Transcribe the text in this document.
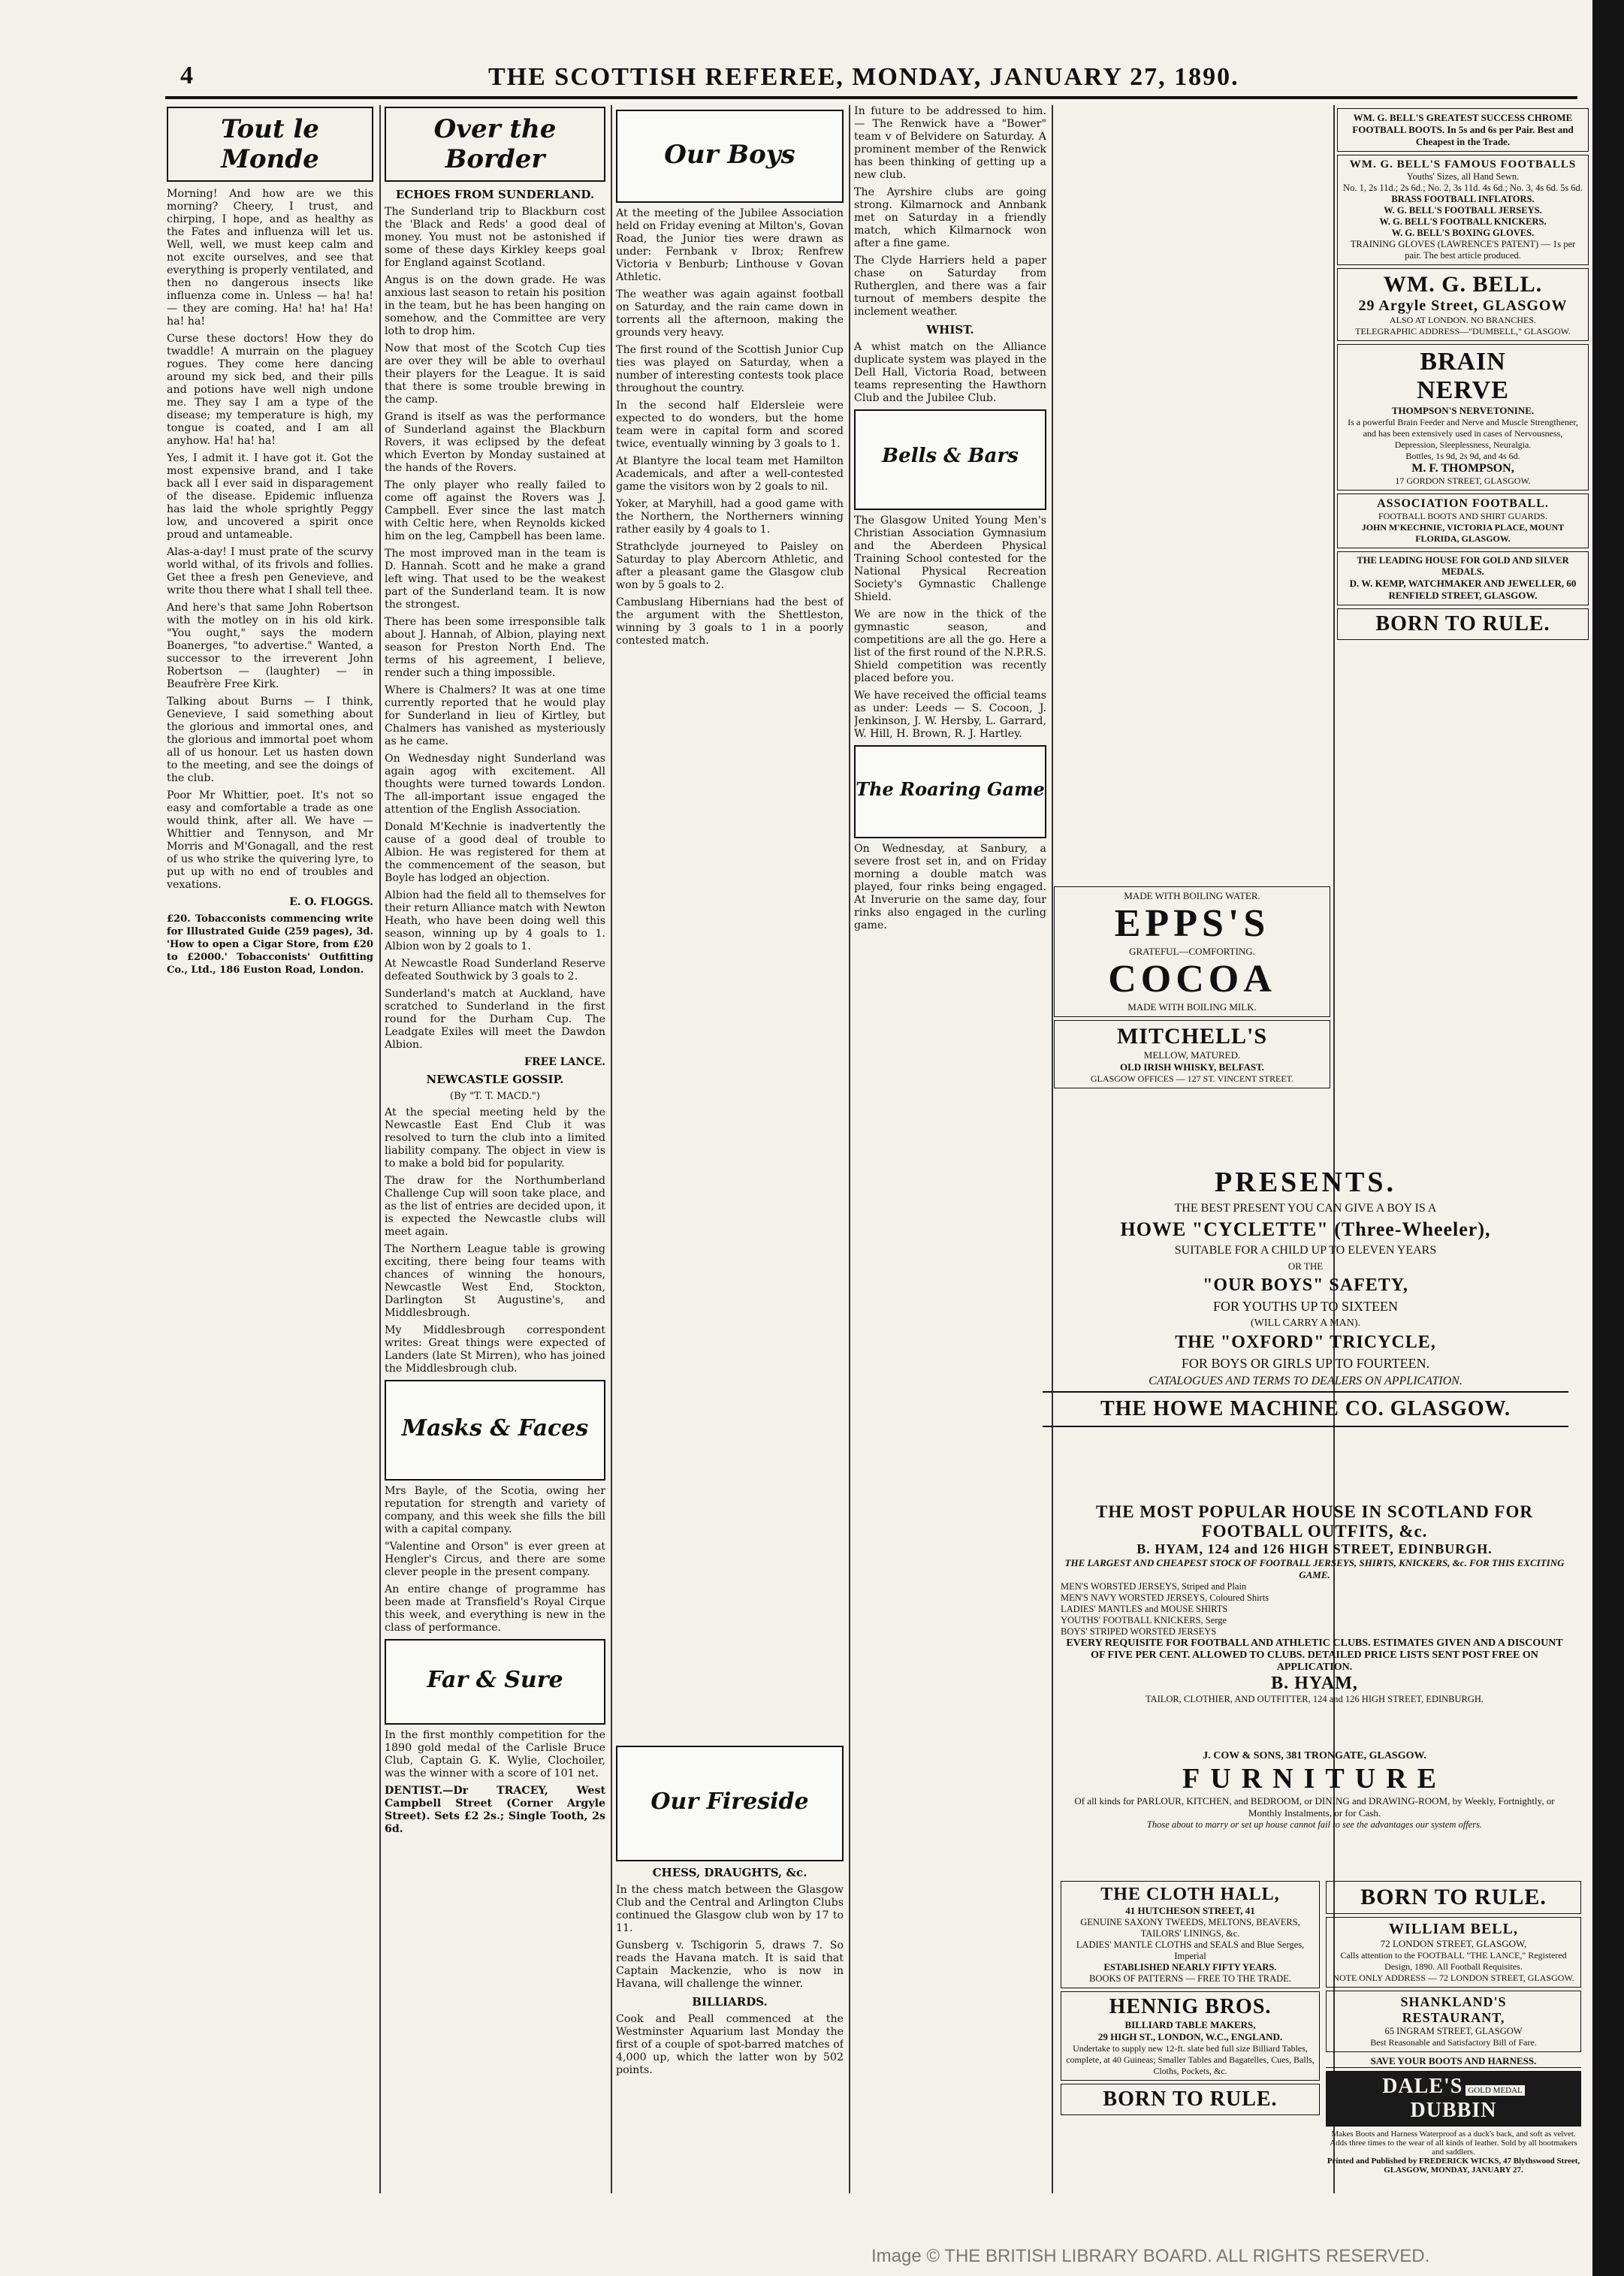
4	THE SCOTTISH REFEREE, MONDAY, JANUARY 27, 1890.
Tout le Monde

Morning! And how are we this morning? Cheery, I trust, and chirping, I hope, and as healthy as the Fates and influenza will let us. Well, well, we must keep calm and not excite ourselves, and see that everything is properly ventilated, and then no dangerous insects like influenza come in. Unless — ha! ha! — they are coming. Ha! ha! ha! Ha! ha! ha!

Curse these doctors! How they do twaddle! A murrain on the plaguey rogues. They come here dancing around my sick bed, and their pills and potions have well nigh undone me. They say I am a type of the disease; my temperature is high, my tongue is coated, and I am all anyhow. Ha! ha! ha!

Yes, I admit it. I have got it. Got the most expensive brand, and I take back all I ever said in disparagement of the disease. Epidemic influenza has laid the whole sprightly Peggy low, and uncovered a spirit once proud and untameable.

Alas-a-day! I must prate of the scurvy world withal, of its frivols and follies. Get thee a fresh pen Genevieve, and write thou there what I shall tell thee.

And here's that same John Robertson with the motley on in his old kirk. "You ought," says the modern Boanerges, "to advertise." Wanted, a successor to the irreverent John Robertson — (laughter) — in Beaufrère Free Kirk.

Talking about Burns — I think, Genevieve, I said something about the glorious and immortal ones, and the glorious and immortal poet whom all of us honour. Let us hasten down to the meeting, and see the doings of the club.

Poor Mr Whittier, poet. It's not so easy and comfortable a trade as one would think, after all. We have — Whittier and Tennyson, and Mr Morris and M'Gonagall, and the rest of us who strike the quivering lyre, to put up with no end of troubles and vexations.

E. O. FLOGGS.

£20. Tobacconists commencing write for Illustrated Guide (259 pages), 3d. 'How to open a Cigar Store, from £20 to £2000.' Tobacconists' Outfitting Co., Ltd., 186 Euston Road, London.

Over the Border
ECHOES FROM SUNDERLAND.

The Sunderland trip to Blackburn cost the 'Black and Reds' a good deal of money. You must not be astonished if some of these days Kirkley keeps goal for England against Scotland.

Angus is on the down grade. He was anxious last season to retain his position in the team, but he has been hanging on somehow, and the Committee are very loth to drop him.

Now that most of the Scotch Cup ties are over they will be able to overhaul their players for the League. It is said that there is some trouble brewing in the camp.

Grand is itself as was the performance of Sunderland against the Blackburn Rovers, it was eclipsed by the defeat which Everton by Monday sustained at the hands of the Rovers.

The only player who really failed to come off against the Rovers was J. Campbell. Ever since the last match with Celtic here, when Reynolds kicked him on the leg, Campbell has been lame.

The most improved man in the team is D. Hannah. Scott and he make a grand left wing. That used to be the weakest part of the Sunderland team. It is now the strongest.

There has been some irresponsible talk about J. Hannah, of Albion, playing next season for Preston North End. The terms of his agreement, I believe, render such a thing impossible.

Where is Chalmers? It was at one time currently reported that he would play for Sunderland in lieu of Kirtley, but Chalmers has vanished as mysteriously as he came.

On Wednesday night Sunderland was again agog with excitement. All thoughts were turned towards London. The all-important issue engaged the attention of the English Association.

Donald M'Kechnie is inadvertently the cause of a good deal of trouble to Albion. He was registered for them at the commencement of the season, but Boyle has lodged an objection.

Albion had the field all to themselves for their return Alliance match with Newton Heath, who have been doing well this season, winning up by 4 goals to 1. Albion won by 2 goals to 1.

At Newcastle Road Sunderland Reserve defeated Southwick by 3 goals to 2.

Sunderland's match at Auckland, have scratched to Sunderland in the first round for the Durham Cup. The Leadgate Exiles will meet the Dawdon Albion.

FREE LANCE.
NEWCASTLE GOSSIP.
(By "T. T. MACD.")

At the special meeting held by the Newcastle East End Club it was resolved to turn the club into a limited liability company. The object in view is to make a bold bid for popularity.

The draw for the Northumberland Challenge Cup will soon take place, and as the list of entries are decided upon, it is expected the Newcastle clubs will meet again.

The Northern League table is growing exciting, there being four teams with chances of winning the honours, Newcastle West End, Stockton, Darlington St Augustine's, and Middlesbrough.

My Middlesbrough correspondent writes: Great things were expected of Landers (late St Mirren), who has joined the Middlesbrough club.

Masks & Faces

Mrs Bayle, of the Scotia, owing her reputation for strength and variety of company, and this week she fills the bill with a capital company.

"Valentine and Orson" is ever green at Hengler's Circus, and there are some clever people in the present company.

An entire change of programme has been made at Transfield's Royal Cirque this week, and everything is new in the class of performance.

Far & Sure

In the first monthly competition for the 1890 gold medal of the Carlisle Bruce Club, Captain G. K. Wylie, Clochoiler, was the winner with a score of 101 net.

DENTIST.—Dr TRACEY, West Campbell Street (Corner Argyle Street). Sets £2 2s.; Single Tooth, 2s 6d.

Our Boys

At the meeting of the Jubilee Association held on Friday evening at Milton's, Govan Road, the Junior ties were drawn as under: Fernbank v Ibrox; Renfrew Victoria v Benburb; Linthouse v Govan Athletic.

The weather was again against football on Saturday, and the rain came down in torrents all the afternoon, making the grounds very heavy.

The first round of the Scottish Junior Cup ties was played on Saturday, when a number of interesting contests took place throughout the country.

In the second half Eldersleie were expected to do wonders, but the home team were in capital form and scored twice, eventually winning by 3 goals to 1.

At Blantyre the local team met Hamilton Academicals, and after a well-contested game the visitors won by 2 goals to nil.

Yoker, at Maryhill, had a good game with the Northern, the Northerners winning rather easily by 4 goals to 1.

Strathclyde journeyed to Paisley on Saturday to play Abercorn Athletic, and after a pleasant game the Glasgow club won by 5 goals to 2.

Cambuslang Hibernians had the best of the argument with the Shettleston, winning by 3 goals to 1 in a poorly contested match.

Our Fireside
CHESS, DRAUGHTS, &c.

In the chess match between the Glasgow Club and the Central and Arlington Clubs continued the Glasgow club won by 17 to 11.

Gunsberg v. Tschigorin 5, draws 7. So reads the Havana match. It is said that Captain Mackenzie, who is now in Havana, will challenge the winner.

BILLIARDS.

Cook and Peall commenced at the Westminster Aquarium last Monday the first of a couple of spot-barred matches of 4,000 up, which the latter won by 502 points.

In future to be addressed to him. — The Renwick have a "Bower" team v of Belvidere on Saturday. A prominent member of the Renwick has been thinking of getting up a new club.

The Ayrshire clubs are going strong. Kilmarnock and Annbank met on Saturday in a friendly match, which Kilmarnock won after a fine game.

The Clyde Harriers held a paper chase on Saturday from Rutherglen, and there was a fair turnout of members despite the inclement weather.

WHIST.

A whist match on the Alliance duplicate system was played in the Dell Hall, Victoria Road, between teams representing the Hawthorn Club and the Jubilee Club.

Bells & Bars

The Glasgow United Young Men's Christian Association Gymnasium and the Aberdeen Physical Training School contested for the National Physical Recreation Society's Gymnastic Challenge Shield.

We are now in the thick of the gymnastic season, and competitions are all the go. Here a list of the first round of the N.P.R.S. Shield competition was recently placed before you.

We have received the official teams as under: Leeds — S. Cocoon, J. Jenkinson, J. W. Hersby, L. Garrard, W. Hill, H. Brown, R. J. Hartley.

The Roaring Game

On Wednesday, at Sanbury, a severe frost set in, and on Friday morning a double match was played, four rinks being engaged. At Inverurie on the same day, four rinks also engaged in the curling game.

MADE WITH BOILING WATER.
EPPS'S
GRATEFUL—COMFORTING.
COCOA
MADE WITH BOILING MILK.
MITCHELL'S
MELLOW, MATURED.
OLD IRISH WHISKY, BELFAST.
GLASGOW OFFICES — 127 ST. VINCENT STREET.
WM. G. BELL'S GREATEST SUCCESS CHROME FOOTBALL BOOTS. In 5s and 6s per Pair. Best and Cheapest in the Trade.
WM. G. BELL'S FAMOUS FOOTBALLS
Youths' Sizes, all Hand Sewn.
No. 1, 2s 11d.; 2s 6d.; No. 2, 3s 11d. 4s 6d.; No. 3, 4s 6d. 5s 6d.
BRASS FOOTBALL INFLATORS.
W. G. BELL'S FOOTBALL JERSEYS.
W. G. BELL'S FOOTBALL KNICKERS.
W. G. BELL'S BOXING GLOVES.
TRAINING GLOVES (LAWRENCE'S PATENT) — 1s per pair. The best article produced.
WM. G. BELL.
29 Argyle Street, GLASGOW
ALSO AT LONDON. NO BRANCHES.
TELEGRAPHIC ADDRESS—"DUMBELL," GLASGOW.
BRAIN
NERVE
THOMPSON'S NERVETONINE.
Is a powerful Brain Feeder and Nerve and Muscle Strengthener, and has been extensively used in cases of Nervousness, Depression, Sleeplessness, Neuralgia.
Bottles, 1s 9d, 2s 9d, and 4s 6d.
M. F. THOMPSON,
17 GORDON STREET, GLASGOW.
ASSOCIATION FOOTBALL.
FOOTBALL BOOTS AND SHIRT GUARDS.
JOHN M'KECHNIE, VICTORIA PLACE, MOUNT FLORIDA, GLASGOW.
THE LEADING HOUSE FOR GOLD AND SILVER MEDALS.
D. W. KEMP, WATCHMAKER AND JEWELLER, 60 RENFIELD STREET, GLASGOW.
BORN TO RULE.
PRESENTS.
THE BEST PRESENT YOU CAN GIVE A BOY IS A
HOWE "CYCLETTE" (Three-Wheeler),
SUITABLE FOR A CHILD UP TO ELEVEN YEARS
OR THE
"OUR BOYS" SAFETY,
FOR YOUTHS UP TO SIXTEEN
(WILL CARRY A MAN).
THE "OXFORD" TRICYCLE,
FOR BOYS OR GIRLS UP TO FOURTEEN.
CATALOGUES AND TERMS TO DEALERS ON APPLICATION.
THE HOWE MACHINE CO. GLASGOW.
THE MOST POPULAR HOUSE IN SCOTLAND FOR FOOTBALL OUTFITS, &c.
B. HYAM, 124 and 126 HIGH STREET, EDINBURGH.
THE LARGEST AND CHEAPEST STOCK OF FOOTBALL JERSEYS, SHIRTS, KNICKERS, &c. FOR THIS EXCITING GAME.
MEN'S WORSTED JERSEYS, Striped and Plain
MEN'S NAVY WORSTED JERSEYS, Coloured Shirts
LADIES' MANTLES and MOUSE SHIRTS
YOUTHS' FOOTBALL KNICKERS, Serge
BOYS' STRIPED WORSTED JERSEYS
EVERY REQUISITE FOR FOOTBALL AND ATHLETIC CLUBS. ESTIMATES GIVEN AND A DISCOUNT OF FIVE PER CENT. ALLOWED TO CLUBS. DETAILED PRICE LISTS SENT POST FREE ON APPLICATION.
B. HYAM,
TAILOR, CLOTHIER, AND OUTFITTER, 124 and 126 HIGH STREET, EDINBURGH.
J. COW & SONS, 381 TRONGATE, GLASGOW.
FURNITURE
Of all kinds for PARLOUR, KITCHEN, and BEDROOM, or DINING and DRAWING-ROOM, by Weekly, Fortnightly, or Monthly Instalments, or for Cash.
Those about to marry or set up house cannot fail to see the advantages our system offers.
THE CLOTH HALL,
41 HUTCHESON STREET, 41
GENUINE SAXONY TWEEDS, MELTONS, BEAVERS, TAILORS' LININGS, &c.
LADIES' MANTLE CLOTHS and SEALS and Blue Serges, Imperial
ESTABLISHED NEARLY FIFTY YEARS.
BOOKS OF PATTERNS — FREE TO THE TRADE.
HENNIG BROS.
BILLIARD TABLE MAKERS,
29 HIGH ST., LONDON, W.C., ENGLAND.
Undertake to supply new 12-ft. slate bed full size Billiard Tables, complete, at 40 Guineas; Smaller Tables and Bagatelles, Cues, Balls, Cloths, Pockets, &c.
BORN TO RULE.
BORN TO RULE.
WILLIAM BELL,
72 LONDON STREET, GLASGOW,
Calls attention to the FOOTBALL "THE LANCE," Registered Design, 1890. All Football Requisites.
NOTE ONLY ADDRESS — 72 LONDON STREET, GLASGOW.
SHANKLAND'S
RESTAURANT,
65 INGRAM STREET, GLASGOW
Best Reasonable and Satisfactory Bill of Fare.
SAVE YOUR BOOTS AND HARNESS.
DALE'S GOLD MEDAL
DUBBIN
Makes Boots and Harness Waterproof as a duck's back, and soft as velvet. Adds three times to the wear of all kinds of leather. Sold by all bootmakers and saddlers.
Printed and Published by FREDERICK WICKS, 47 Blythswood Street, GLASGOW, MONDAY, JANUARY 27.
Image © THE BRITISH LIBRARY BOARD. ALL RIGHTS RESERVED.
